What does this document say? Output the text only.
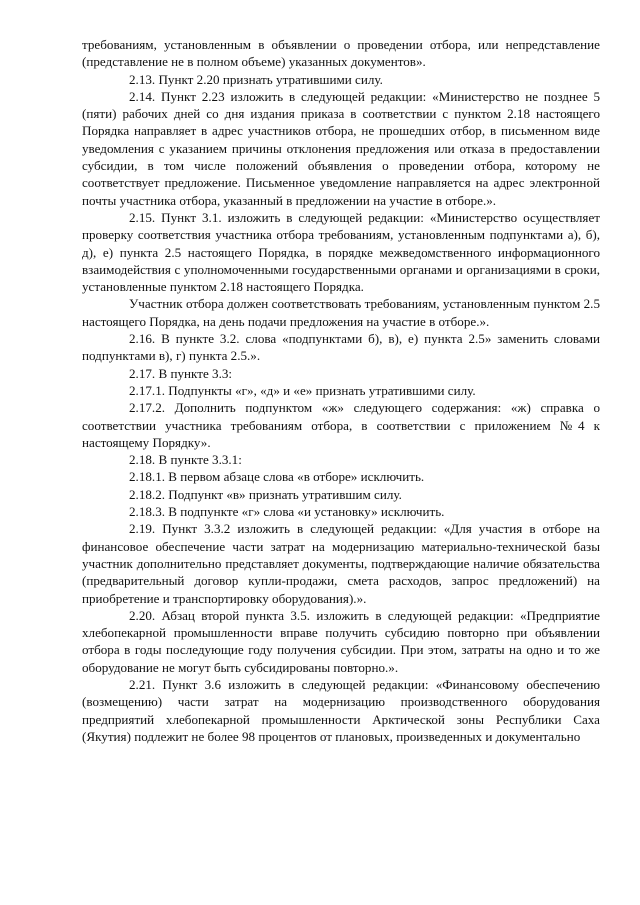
требованиям, установленным в объявлении о проведении отбора, или непредставление (представление не в полном объеме) указанных документов».

2.13. Пункт 2.20 признать утратившими силу.

2.14. Пункт 2.23 изложить в следующей редакции: «Министерство не позднее 5 (пяти) рабочих дней со дня издания приказа в соответствии с пунктом 2.18 настоящего Порядка направляет в адрес участников отбора, не прошедших отбор, в письменном виде уведомления с указанием причины отклонения предложения или отказа в предоставлении субсидии, в том числе положений объявления о проведении отбора, которому не соответствует предложение. Письменное уведомление направляется на адрес электронной почты участника отбора, указанный в предложении на участие в отборе.».

2.15. Пункт 3.1. изложить в следующей редакции: «Министерство осуществляет проверку соответствия участника отбора требованиям, установленным подпунктами а), б), д), е) пункта 2.5 настоящего Порядка, в порядке межведомственного информационного взаимодействия с уполномоченными государственными органами и организациями в сроки, установленные пунктом 2.18 настоящего Порядка.

Участник отбора должен соответствовать требованиям, установленным пунктом 2.5 настоящего Порядка, на день подачи предложения на участие в отборе.».

2.16. В пункте 3.2. слова «подпунктами б), в), е) пункта 2.5» заменить словами подпунктами в), г) пункта 2.5.».

2.17. В пункте 3.3:

2.17.1. Подпункты «г», «д» и «е» признать утратившими силу.

2.17.2. Дополнить подпунктом «ж» следующего содержания: «ж) справка о соответствии участника требованиям отбора, в соответствии с приложением №4 к настоящему Порядку».

2.18. В пункте 3.3.1:

2.18.1. В первом абзаце слова «в отборе» исключить.

2.18.2. Подпункт «в» признать утратившим силу.

2.18.3. В подпункте «г» слова «и установку» исключить.

2.19. Пункт 3.3.2 изложить в следующей редакции: «Для участия в отборе на финансовое обеспечение части затрат на модернизацию материально-технической базы участник дополнительно представляет документы, подтверждающие наличие обязательства (предварительный договор купли-продажи, смета расходов, запрос предложений) на приобретение и транспортировку оборудования).».

2.20. Абзац второй пункта 3.5. изложить в следующей редакции: «Предприятие хлебопекарной промышленности вправе получить субсидию повторно при объявлении отбора в годы последующие году получения субсидии. При этом, затраты на одно и то же оборудование не могут быть субсидированы повторно.».

2.21. Пункт 3.6 изложить в следующей редакции: «Финансовому обеспечению (возмещению) части затрат на модернизацию производственного оборудования предприятий хлебопекарной промышленности Арктической зоны Республики Саха (Якутия) подлежит не более 98 процентов от плановых, произведенных и документально
